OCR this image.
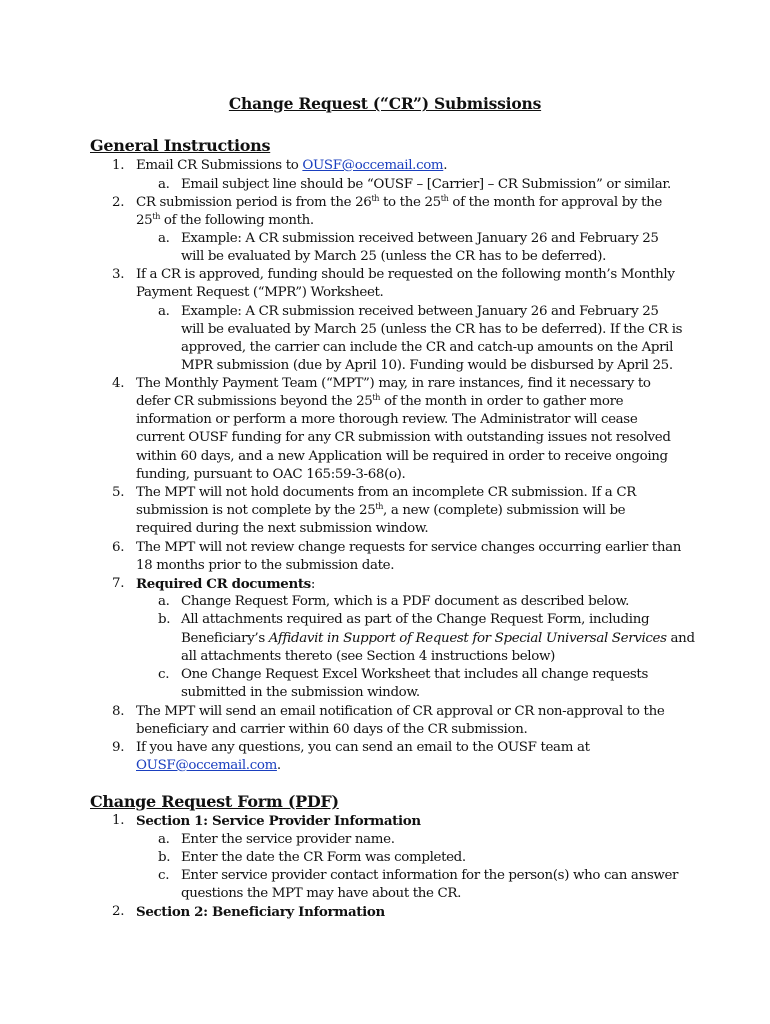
Change Request (“CR”) Submissions
General Instructions
1. Email CR Submissions to OUSF@occemail.com.
a. Email subject line should be “OUSF – [Carrier] – CR Submission” or similar.
2. CR submission period is from the 26th to the 25th of the month for approval by the
25th of the following month.
a. Example: A CR submission received between January 26 and February 25
will be evaluated by March 25 (unless the CR has to be deferred).
3. If a CR is approved, funding should be requested on the following month’s Monthly
Payment Request (“MPR”) Worksheet.
a. Example: A CR submission received between January 26 and February 25
will be evaluated by March 25 (unless the CR has to be deferred). If the CR is
approved, the carrier can include the CR and catch-up amounts on the April
MPR submission (due by April 10). Funding would be disbursed by April 25.
4. The Monthly Payment Team (“MPT”) may, in rare instances, find it necessary to
defer CR submissions beyond the 25th of the month in order to gather more
information or perform a more thorough review. The Administrator will cease
current OUSF funding for any CR submission with outstanding issues not resolved
within 60 days, and a new Application will be required in order to receive ongoing
funding, pursuant to OAC 165:59-3-68(o).
5. The MPT will not hold documents from an incomplete CR submission. If a CR
submission is not complete by the 25th, a new (complete) submission will be
required during the next submission window.
6. The MPT will not review change requests for service changes occurring earlier than
18 months prior to the submission date.
7. Required CR documents:
a. Change Request Form, which is a PDF document as described below.
b. All attachments required as part of the Change Request Form, including
Beneficiary’s Affidavit in Support of Request for Special Universal Services and
all attachments thereto (see Section 4 instructions below)
c. One Change Request Excel Worksheet that includes all change requests
submitted in the submission window.
8. The MPT will send an email notification of CR approval or CR non-approval to the
beneficiary and carrier within 60 days of the CR submission.
9. If you have any questions, you can send an email to the OUSF team at
OUSF@occemail.com.
Change Request Form (PDF)
1. Section 1: Service Provider Information
a. Enter the service provider name.
b. Enter the date the CR Form was completed.
c. Enter service provider contact information for the person(s) who can answer
questions the MPT may have about the CR.
2. Section 2: Beneficiary Information
